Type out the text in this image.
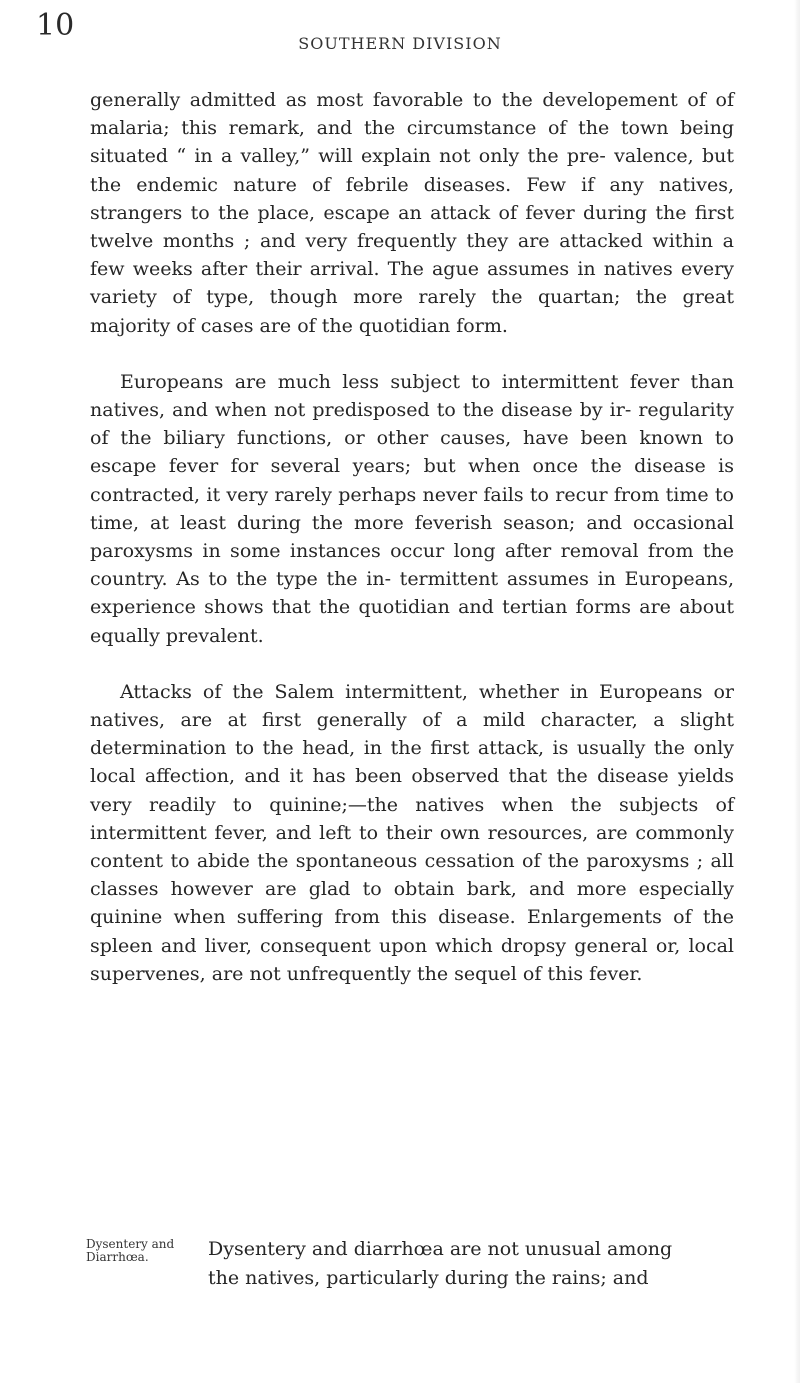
10
SOUTHERN DIVISION

generally admitted as most favorable to the developement of of malaria; this remark, and the circumstance of the town being situated “ in a valley,” will explain not only the pre- valence, but the endemic nature of febrile diseases. Few if any natives, strangers to the place, escape an attack of fever during the first twelve months ; and very frequently they are attacked within a few weeks after their arrival. The ague assumes in natives every variety of type, though more rarely the quartan; the great majority of cases are of the quotidian form.

Europeans are much less subject to intermittent fever than natives, and when not predisposed to the disease by ir- regularity of the biliary functions, or other causes, have been known to escape fever for several years; but when once the disease is contracted, it very rarely perhaps never fails to recur from time to time, at least during the more feverish season; and occasional paroxysms in some instances occur long after removal from the country. As to the type the in- termittent assumes in Europeans, experience shows that the quotidian and tertian forms are about equally prevalent.

Attacks of the Salem intermittent, whether in Europeans or natives, are at first generally of a mild character, a slight determination to the head, in the first attack, is usually the only local affection, and it has been observed that the disease yields very readily to quinine;—the natives when the subjects of intermittent fever, and left to their own resources, are commonly content to abide the spontaneous cessation of the paroxysms ; all classes however are glad to obtain bark, and more especially quinine when suffering from this disease. Enlargements of the spleen and liver, consequent upon which dropsy general or, local supervenes, are not unfrequently the sequel of this fever.

Dysentery and
Diarrhœa.	Dysentery and diarrhœa are not unusual among
the natives, particularly during the rains; and
